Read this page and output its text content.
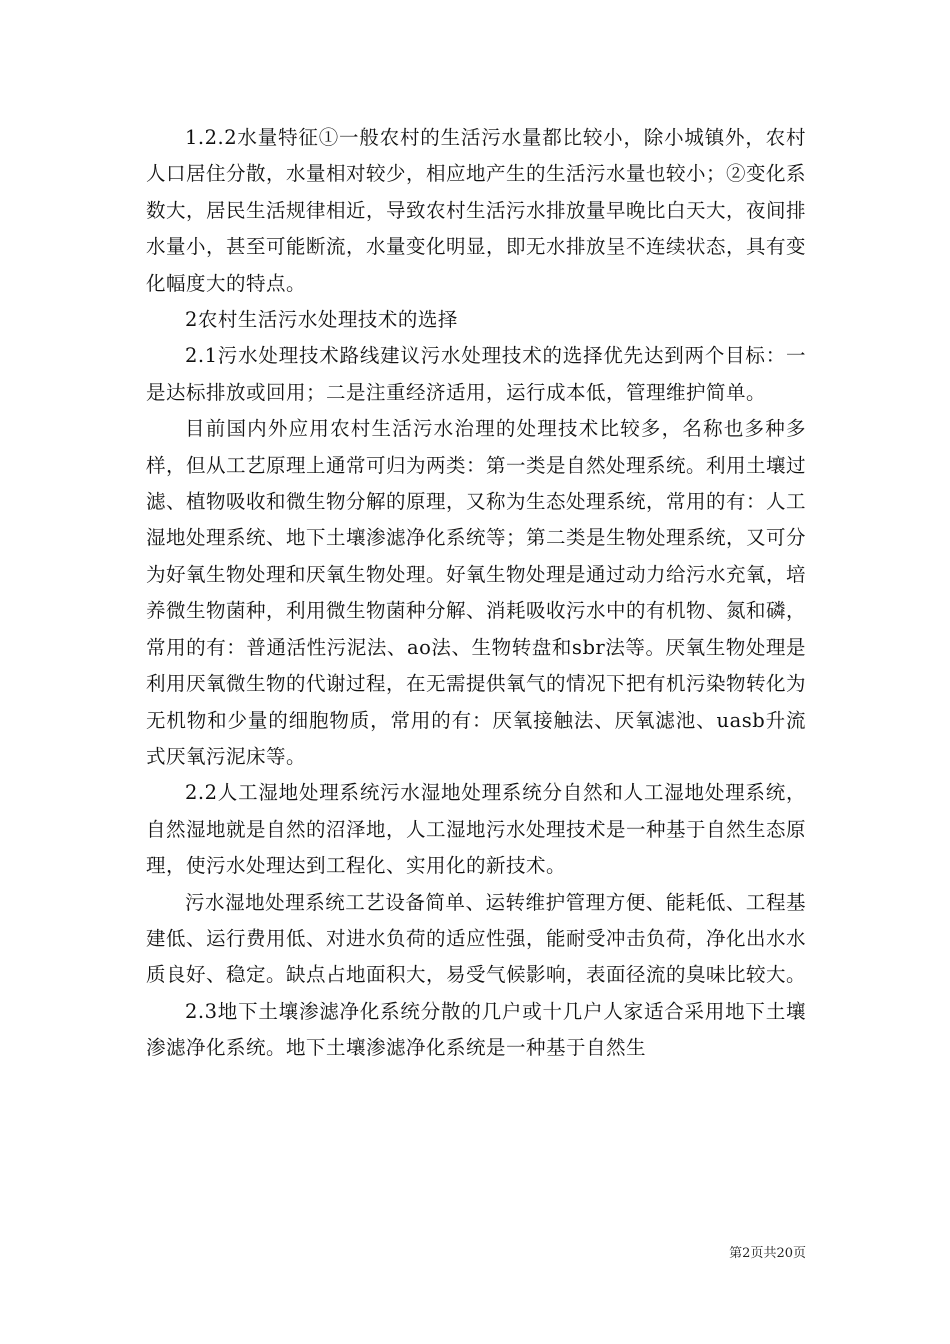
1.2.2水量特征①一般农村的生活污水量都比较小，除小城镇外，农村人口居住分散，水量相对较少，相应地产生的生活污水量也较小；②变化系数大，居民生活规律相近，导致农村生活污水排放量早晚比白天大，夜间排水量小，甚至可能断流，水量变化明显，即无水排放呈不连续状态，具有变化幅度大的特点。

2农村生活污水处理技术的选择

2.1污水处理技术路线建议污水处理技术的选择优先达到两个目标：一是达标排放或回用；二是注重经济适用，运行成本低，管理维护简单。

目前国内外应用农村生活污水治理的处理技术比较多，名称也多种多样，但从工艺原理上通常可归为两类：第一类是自然处理系统。利用土壤过滤、植物吸收和微生物分解的原理，又称为生态处理系统，常用的有：人工湿地处理系统、地下土壤渗滤净化系统等；第二类是生物处理系统，又可分为好氧生物处理和厌氧生物处理。好氧生物处理是通过动力给污水充氧，培养微生物菌种，利用微生物菌种分解、消耗吸收污水中的有机物、氮和磷，常用的有：普通活性污泥法、ao法、生物转盘和sbr法等。厌氧生物处理是利用厌氧微生物的代谢过程，在无需提供氧气的情况下把有机污染物转化为无机物和少量的细胞物质，常用的有：厌氧接触法、厌氧滤池、uasb升流式厌氧污泥床等。

2.2人工湿地处理系统污水湿地处理系统分自然和人工湿地处理系统，自然湿地就是自然的沼泽地，人工湿地污水处理技术是一种基于自然生态原理，使污水处理达到工程化、实用化的新技术。

污水湿地处理系统工艺设备简单、运转维护管理方便、能耗低、工程基建低、运行费用低、对进水负荷的适应性强，能耐受冲击负荷，净化出水水质良好、稳定。缺点占地面积大，易受气候影响，表面径流的臭味比较大。

2.3地下土壤渗滤净化系统分散的几户或十几户人家适合采用地下土壤渗滤净化系统。地下土壤渗滤净化系统是一种基于自然生

第2页共20页
